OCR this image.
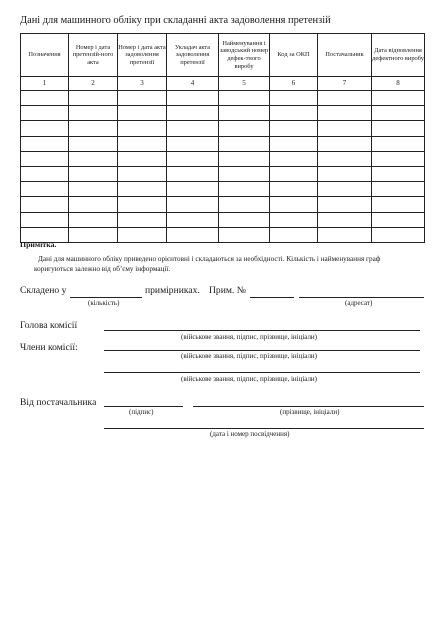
Дані для машинного обліку при складанні акта задоволення претензій
Позначення	Номер і дата претензій-ного акта	Номер і дата акта задоволення претензії	Укладач акта задоволення претензії	Найменування і заводський номер дефек-тного виробу	Код за ОКП	Постачальник	Дата відновлення дефектного виробу
1	2	3	4	5	6	7	8

Примітка.
Дані для машинного обліку приведено орієнтовні і складаються за необхідності. Кількість і найменування граф
коригуються залежно від об’єму інформації.
Складено у	примірниках. Прим. №
(кількість)	(адресат)
Голова комісії
(військове звання, підпис, прізвище, ініціали)
Члени комісії:
(військове звання, підпис, прізвище, ініціали)
(військове звання, підпис, прізвище, ініціали)
Від постачальника
(підпис)	(прізвище, ініціали)
(дата і номер посвідчення)
